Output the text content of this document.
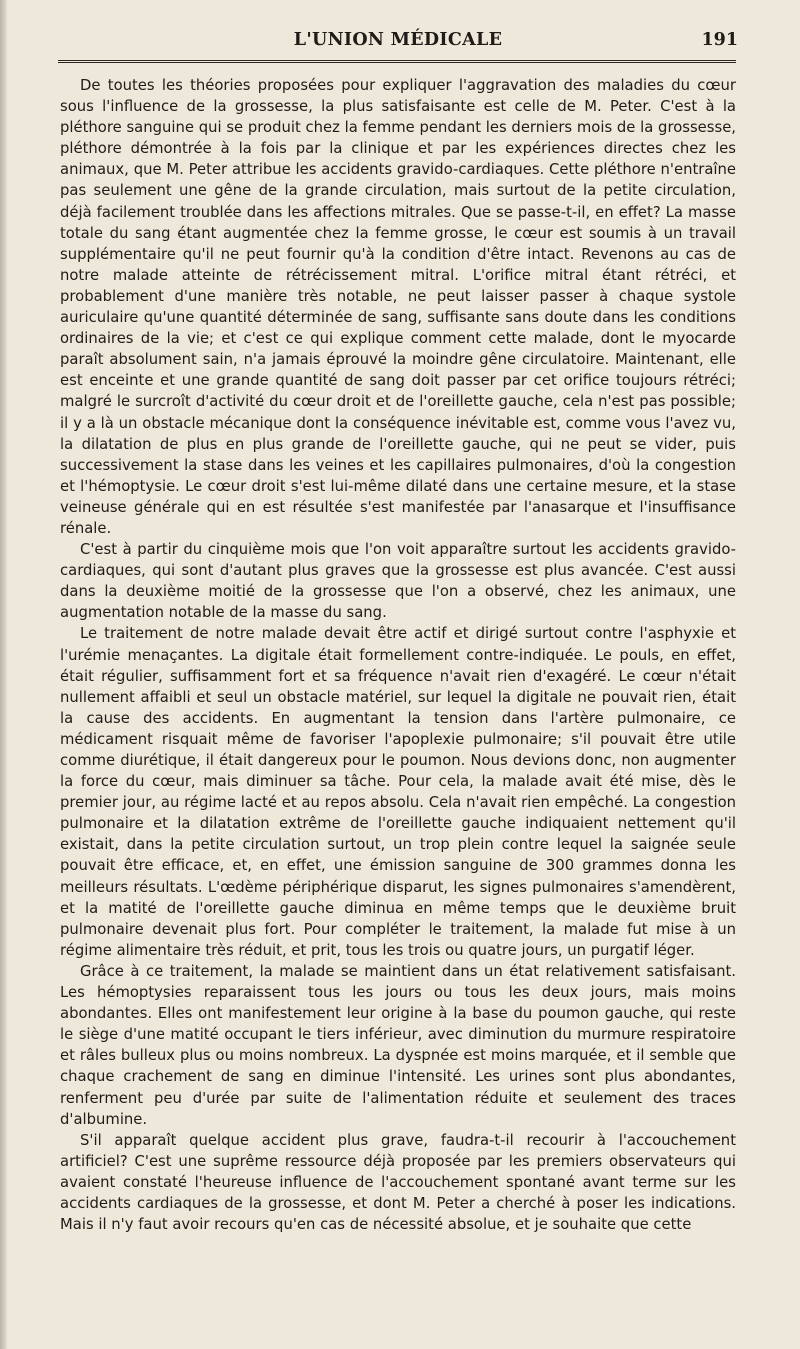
L'UNION MÉDICALE	191

De toutes les théories proposées pour expliquer l'aggravation des maladies du cœur sous l'influence de la grossesse, la plus satisfaisante est celle de M. Peter. C'est à la pléthore sanguine qui se produit chez la femme pendant les derniers mois de la grossesse, pléthore démontrée à la fois par la clinique et par les expériences directes chez les animaux, que M. Peter attribue les accidents gravido-cardiaques. Cette pléthore n'entraîne pas seulement une gêne de la grande circulation, mais surtout de la petite circulation, déjà facilement troublée dans les affections mitrales. Que se passe-t-il, en effet? La masse totale du sang étant augmentée chez la femme grosse, le cœur est soumis à un travail supplémentaire qu'il ne peut fournir qu'à la condition d'être intact. Revenons au cas de notre malade atteinte de rétrécissement mitral. L'orifice mitral étant rétréci, et probablement d'une manière très notable, ne peut laisser passer à chaque systole auriculaire qu'une quantité déterminée de sang, suffisante sans doute dans les conditions ordinaires de la vie; et c'est ce qui explique comment cette malade, dont le myocarde paraît absolument sain, n'a jamais éprouvé la moindre gêne circulatoire. Maintenant, elle est enceinte et une grande quantité de sang doit passer par cet orifice toujours rétréci; malgré le surcroît d'activité du cœur droit et de l'oreillette gauche, cela n'est pas possible; il y a là un obstacle mécanique dont la conséquence inévitable est, comme vous l'avez vu, la dilatation de plus en plus grande de l'oreillette gauche, qui ne peut se vider, puis successivement la stase dans les veines et les capillaires pulmonaires, d'où la congestion et l'hémoptysie. Le cœur droit s'est lui-même dilaté dans une certaine mesure, et la stase veineuse générale qui en est résultée s'est manifestée par l'anasarque et l'insuffisance rénale.

C'est à partir du cinquième mois que l'on voit apparaître surtout les accidents gravido-cardiaques, qui sont d'autant plus graves que la grossesse est plus avancée. C'est aussi dans la deuxième moitié de la grossesse que l'on a observé, chez les animaux, une augmentation notable de la masse du sang.

Le traitement de notre malade devait être actif et dirigé surtout contre l'asphyxie et l'urémie menaçantes. La digitale était formellement contre-indiquée. Le pouls, en effet, était régulier, suffisamment fort et sa fréquence n'avait rien d'exagéré. Le cœur n'était nullement affaibli et seul un obstacle matériel, sur lequel la digitale ne pouvait rien, était la cause des accidents. En augmentant la tension dans l'artère pulmonaire, ce médicament risquait même de favoriser l'apoplexie pulmonaire; s'il pouvait être utile comme diurétique, il était dangereux pour le poumon. Nous devions donc, non augmenter la force du cœur, mais diminuer sa tâche. Pour cela, la malade avait été mise, dès le premier jour, au régime lacté et au repos absolu. Cela n'avait rien empêché. La congestion pulmonaire et la dilatation extrême de l'oreillette gauche indiquaient nettement qu'il existait, dans la petite circulation surtout, un trop plein contre lequel la saignée seule pouvait être efficace, et, en effet, une émission sanguine de 300 grammes donna les meilleurs résultats. L'œdème périphérique disparut, les signes pulmonaires s'amendèrent, et la matité de l'oreillette gauche diminua en même temps que le deuxième bruit pulmonaire devenait plus fort. Pour compléter le traitement, la malade fut mise à un régime alimentaire très réduit, et prit, tous les trois ou quatre jours, un purgatif léger.

Grâce à ce traitement, la malade se maintient dans un état relativement satisfaisant. Les hémoptysies reparaissent tous les jours ou tous les deux jours, mais moins abondantes. Elles ont manifestement leur origine à la base du poumon gauche, qui reste le siège d'une matité occupant le tiers inférieur, avec diminution du murmure respiratoire et râles bulleux plus ou moins nombreux. La dyspnée est moins marquée, et il semble que chaque crachement de sang en diminue l'intensité. Les urines sont plus abondantes, renferment peu d'urée par suite de l'alimentation réduite et seulement des traces d'albumine.

S'il apparaît quelque accident plus grave, faudra-t-il recourir à l'accouchement artificiel? C'est une suprême ressource déjà proposée par les premiers observateurs qui avaient constaté l'heureuse influence de l'accouchement spontané avant terme sur les accidents cardiaques de la grossesse, et dont M. Peter a cherché à poser les indications. Mais il n'y faut avoir recours qu'en cas de nécessité absolue, et je souhaite que cette
